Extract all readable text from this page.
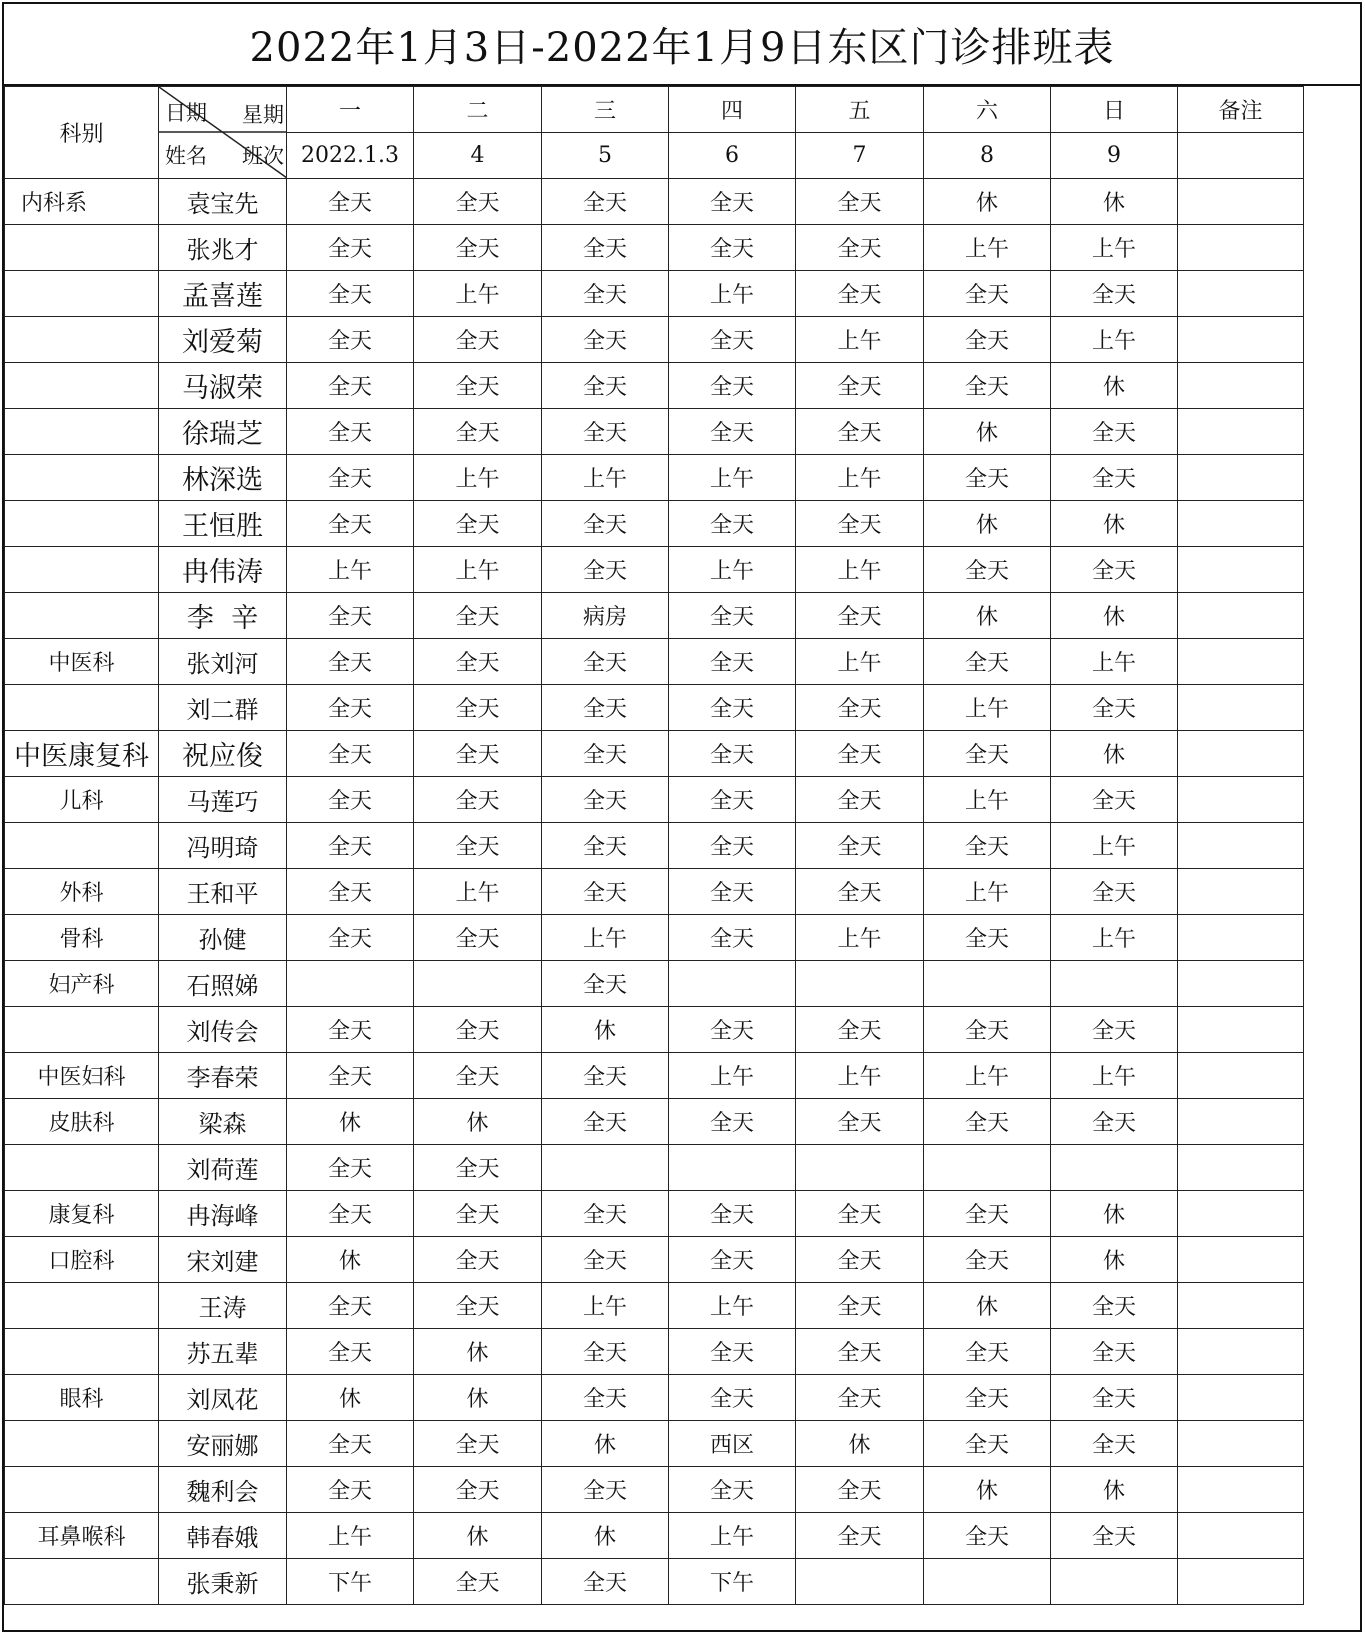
2022年1月3日-2022年1月9日东区门诊排班表
科别	日期 星期
姓名 班次	一	二	三	四	五	六	日	备注
		2022.1.3	4	5	6	7	8	9	
内科系	袁宝先	全天	全天	全天	全天	全天	休	休	
	张兆才	全天	全天	全天	全天	全天	上午	上午	
	孟喜莲	全天	上午	全天	上午	全天	全天	全天	
	刘爱菊	全天	全天	全天	全天	上午	全天	上午	
	马淑荣	全天	全天	全天	全天	全天	全天	休	
	徐瑞芝	全天	全天	全天	全天	全天	休	全天	
	林深选	全天	上午	上午	上午	上午	全天	全天	
	王恒胜	全天	全天	全天	全天	全天	休	休	
	冉伟涛	上午	上午	全天	上午	上午	全天	全天	
	李  辛	全天	全天	病房	全天	全天	休	休	
中医科	张刘河	全天	全天	全天	全天	上午	全天	上午	
	刘二群	全天	全天	全天	全天	全天	上午	全天	
中医康复科	祝应俊	全天	全天	全天	全天	全天	全天	休	
儿科	马莲巧	全天	全天	全天	全天	全天	上午	全天	
	冯明琦	全天	全天	全天	全天	全天	全天	上午	
外科	王和平	全天	上午	全天	全天	全天	上午	全天	
骨科	孙健	全天	全天	上午	全天	上午	全天	上午	
妇产科	石照娣			全天					
	刘传会	全天	全天	休	全天	全天	全天	全天	
中医妇科	李春荣	全天	全天	全天	上午	上午	上午	上午	
皮肤科	梁森	休	休	全天	全天	全天	全天	全天	
	刘荷莲	全天	全天						
康复科	冉海峰	全天	全天	全天	全天	全天	全天	休	
口腔科	宋刘建	休	全天	全天	全天	全天	全天	休	
	王涛	全天	全天	上午	上午	全天	休	全天	
	苏五辈	全天	休	全天	全天	全天	全天	全天	
眼科	刘凤花	休	休	全天	全天	全天	全天	全天	
	安丽娜	全天	全天	休	西区	休	全天	全天	
	魏利会	全天	全天	全天	全天	全天	休	休	
耳鼻喉科	韩春娥	上午	休	休	上午	全天	全天	全天	
	张秉新	下午	全天	全天	下午				
